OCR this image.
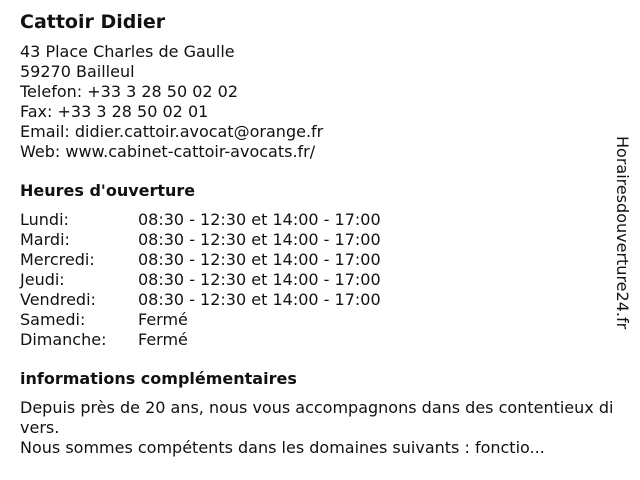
Cattoir Didier
43 Place Charles de Gaulle
59270 Bailleul
Telefon: +33 3 28 50 02 02
Fax: +33 3 28 50 02 01
Email: didier.cattoir.avocat@orange.fr
Web: www.cabinet-cattoir-avocats.fr/
Heures d'ouverture
Lundi:	08:30 - 12:30 et 14:00 - 17:00
Mardi:	08:30 - 12:30 et 14:00 - 17:00
Mercredi:	08:30 - 12:30 et 14:00 - 17:00
Jeudi:	08:30 - 12:30 et 14:00 - 17:00
Vendredi:	08:30 - 12:30 et 14:00 - 17:00
Samedi:	Fermé
Dimanche:	Fermé
informations complémentaires
Depuis près de 20 ans, nous vous accompagnons dans des contentieux divers.
Nous sommes compétents dans les domaines suivants : fonctio...
Horairesdouverture24.fr
